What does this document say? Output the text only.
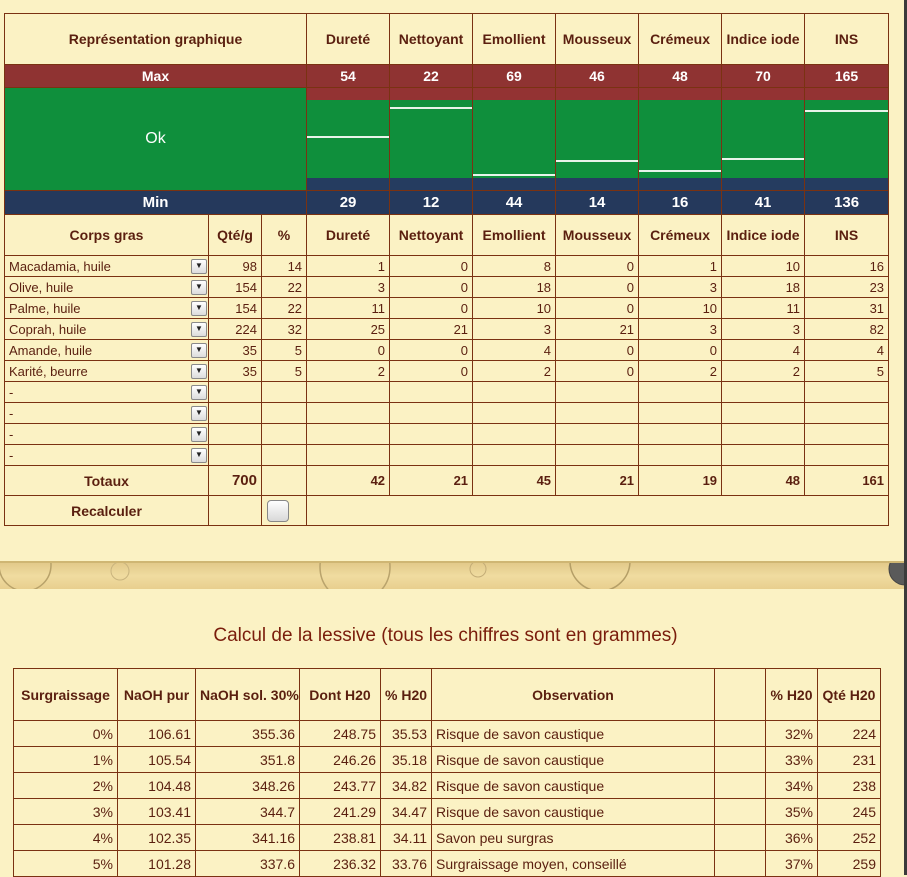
Représentation graphique			Dureté	Nettoyant	Emollient	Mousseux	Crémeux	Indice iode	INS
Max			54	22	69	46	48	70	165
Ok			

Min			29	12	44	14	16	41	136
Corps gras	Qté/g	%	Dureté	Nettoyant	Emollient	Mousseux	Crémeux	Indice iode	INS

Macadamia, huile ▼	98	14	1	0	8	0	1	10	16

Olive, huile ▼	154	22	3	0	18	0	3	18	23

Palme, huile ▼	154	22	11	0	10	0	10	11	31

Coprah, huile ▼	224	32	25	21	3	21	3	3	82

Amande, huile ▼	35	5	0	0	4	0	0	4	4

Karité, beurre ▼	35	5	2	0	2	0	2	2	5

- ▼									

- ▼									

- ▼									

- ▼									

Totaux	700		42	21	45	21	19	48	161
Recalculer									
Calcul de la lessive (tous les chiffres sont en grammes)
Surgraissage	NaOH pur	NaOH sol. 30%	Dont H20	% H20	Observation		% H20	Qté H20
0%	106.61	355.36	248.75	35.53	Risque de savon caustique		32%	224
1%	105.54	351.8	246.26	35.18	Risque de savon caustique		33%	231
2%	104.48	348.26	243.77	34.82	Risque de savon caustique		34%	238
3%	103.41	344.7	241.29	34.47	Risque de savon caustique		35%	245
4%	102.35	341.16	238.81	34.11	Savon peu surgras		36%	252
5%	101.28	337.6	236.32	33.76	Surgraissage moyen, conseillé		37%	259
